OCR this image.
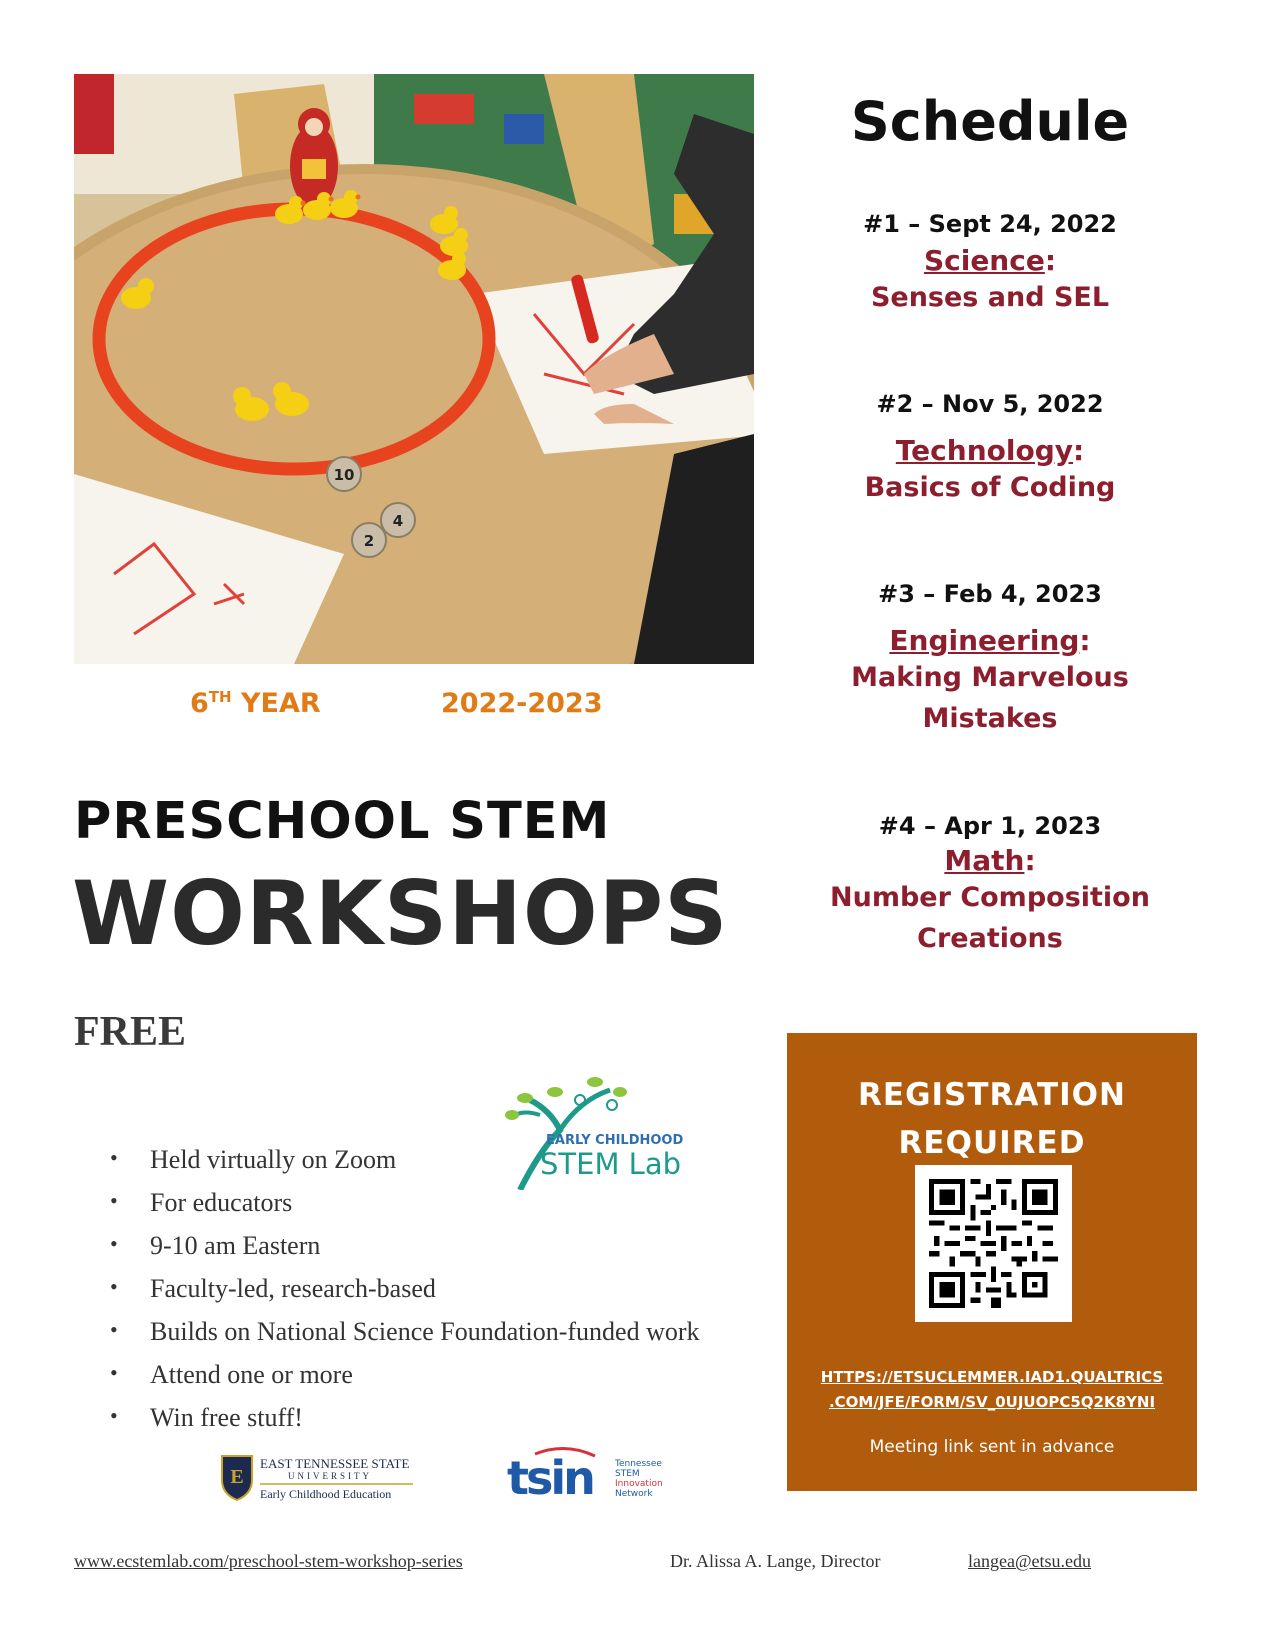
10
2
4
6TH YEAR	2022-2023
PRESCHOOL STEM
WORKSHOPS
FREE
• Held virtually on Zoom
• For educators
• 9-10 am Eastern
• Faculty-led, research-based
• Builds on National Science Foundation-funded work
• Attend one or more
• Win free stuff!
EARLY CHILDHOOD
STEM Lab
E
EAST TENNESSEE STATE
UNIVERSITY
Early Childhood Education	tsin Tennessee
STEM
Innovation
Network
Schedule
#1 – Sept 24, 2022
Science:
Senses and SEL
#2 – Nov 5, 2022
Technology:
Basics of Coding
#3 – Feb 4, 2023
Engineering:
Making Marvelous
Mistakes
#4 – Apr 1, 2023
Math:
Number Composition
Creations
REGISTRATION
REQUIRED
HTTPS://ETSUCLEMMER.IAD1.QUALTRICS
.COM/JFE/FORM/SV_0UJUOPC5Q2K8YNI
Meeting link sent in advance
www.ecstemlab.com/preschool-stem-workshop-series	Dr. Alissa A. Lange, Director	langea@etsu.edu
